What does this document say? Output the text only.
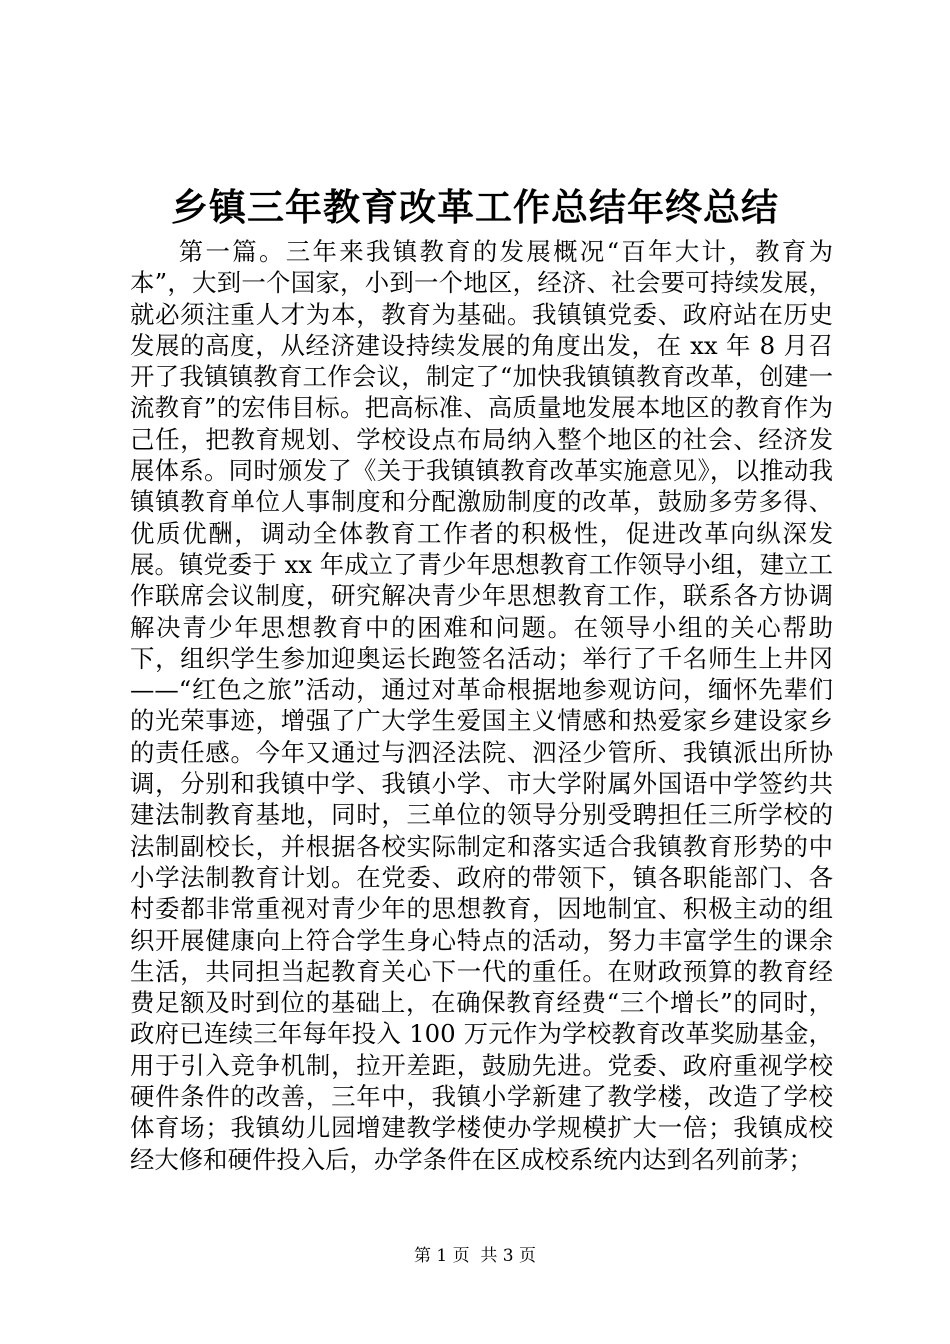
乡镇三年教育改革工作总结年终总结

第一篇。三年来我镇教育的发展概况“百年大计，教育为本”，大到一个国家，小到一个地区，经济、社会要可持续发展，就必须注重人才为本，教育为基础。我镇镇党委、政府站在历史发展的高度，从经济建设持续发展的角度出发，在 xx 年 8 月召开了我镇镇教育工作会议，制定了“加快我镇镇教育改革，创建一流教育”的宏伟目标。把高标准、高质量地发展本地区的教育作为己任，把教育规划、学校设点布局纳入整个地区的社会、经济发展体系。同时颁发了《关于我镇镇教育改革实施意见》，以推动我镇镇教育单位人事制度和分配激励制度的改革，鼓励多劳多得、优质优酬，调动全体教育工作者的积极性，促进改革向纵深发展。镇党委于 xx 年成立了青少年思想教育工作领导小组，建立工作联席会议制度，研究解决青少年思想教育工作，联系各方协调解决青少年思想教育中的困难和问题。在领导小组的关心帮助下，组织学生参加迎奥运长跑签名活动；举行了千名师生上井冈——“红色之旅”活动，通过对革命根据地参观访问，缅怀先辈们的光荣事迹，增强了广大学生爱国主义情感和热爱家乡建设家乡的责任感。今年又通过与泗泾法院、泗泾少管所、我镇派出所协调，分别和我镇中学、我镇小学、市大学附属外国语中学签约共建法制教育基地，同时，三单位的领导分别受聘担任三所学校的法制副校长，并根据各校实际制定和落实适合我镇教育形势的中小学法制教育计划。在党委、政府的带领下，镇各职能部门、各村委都非常重视对青少年的思想教育，因地制宜、积极主动的组织开展健康向上符合学生身心特点的活动，努力丰富学生的课余生活，共同担当起教育关心下一代的重任。在财政预算的教育经费足额及时到位的基础上，在确保教育经费“三个增长”的同时，政府已连续三年每年投入 100 万元作为学校教育改革奖励基金，用于引入竞争机制，拉开差距，鼓励先进。党委、政府重视学校硬件条件的改善，三年中，我镇小学新建了教学楼，改造了学校体育场；我镇幼儿园增建教学楼使办学规模扩大一倍；我镇成校经大修和硬件投入后，办学条件在区成校系统内达到名列前茅；

第 1 页  共 3 页
